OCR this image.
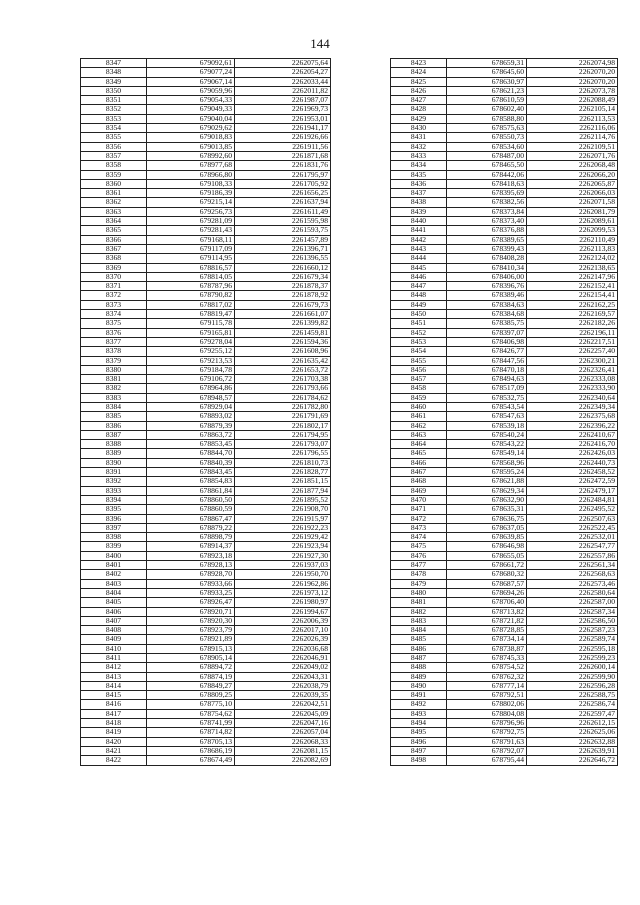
144
8347	679092,61	2262075,64
8348	679077,24	2262054,27
8349	679067,14	2262033,44
8350	679059,96	2262011,82
8351	679054,33	2261987,07
8352	679049,33	2261969,73
8353	679040,04	2261953,01
8354	679029,62	2261941,17
8355	679018,83	2261926,66
8356	679013,85	2261911,56
8357	678992,60	2261871,68
8358	678977,68	2261831,76
8359	678966,80	2261795,97
8360	679108,33	2261705,92
8361	679186,39	2261656,25
8362	679215,14	2261637,94
8363	679256,73	2261611,49
8364	679281,09	2261595,98
8365	679281,43	2261593,75
8366	679168,11	2261457,89
8367	679117,09	2261396,71
8368	679114,95	2261396,55
8369	678816,57	2261660,12
8370	678814,05	2261679,34
8371	678787,96	2261878,37
8372	678790,82	2261878,92
8373	678817,02	2261679,73
8374	678819,47	2261661,07
8375	679115,78	2261399,82
8376	679165,81	2261459,81
8377	679278,04	2261594,36
8378	679255,12	2261608,96
8379	679213,53	2261635,42
8380	679184,78	2261653,72
8381	679106,72	2261703,38
8382	678964,86	2261793,66
8383	678948,57	2261784,62
8384	678929,04	2261782,80
8385	678893,02	2261791,69
8386	678879,39	2261802,17
8387	678863,72	2261794,95
8388	678853,45	2261793,07
8389	678844,70	2261796,55
8390	678840,39	2261810,73
8391	678843,45	2261828,77
8392	678854,83	2261851,15
8393	678861,84	2261877,94
8394	678860,50	2261895,52
8395	678860,59	2261908,70
8396	678867,47	2261915,97
8397	678879,22	2261922,23
8398	678898,79	2261929,42
8399	678914,37	2261923,94
8400	678923,18	2261927,30
8401	678928,13	2261937,03
8402	678928,70	2261950,70
8403	678933,66	2261962,86
8404	678933,25	2261973,12
8405	678926,47	2261980,97
8406	678920,71	2261994,67
8407	678920,30	2262006,39
8408	678923,79	2262017,10
8409	678921,89	2262026,39
8410	678915,13	2262036,68
8411	678905,14	2262046,91
8412	678894,72	2262049,02
8413	678874,19	2262043,31
8414	678849,27	2262038,79
8415	678809,25	2262039,35
8416	678775,10	2262042,51
8417	678754,62	2262045,09
8418	678741,99	2262047,16
8419	678714,82	2262057,04
8420	678705,13	2262068,33
8421	678686,19	2262081,15
8422	678674,49	2262082,69
8423	678659,31	2262074,98
8424	678645,60	2262070,20
8425	678630,97	2262070,20
8426	678621,23	2262073,78
8427	678610,59	2262088,49
8428	678602,40	2262105,14
8429	678588,80	2262113,53
8430	678575,63	2262116,06
8431	678550,73	2262114,76
8432	678534,60	2262109,51
8433	678487,00	2262071,76
8434	678465,50	2262068,48
8435	678442,06	2262066,20
8436	678418,63	2262065,87
8437	678395,69	2262066,03
8438	678382,56	2262071,58
8439	678373,84	2262081,79
8440	678373,40	2262089,61
8441	678376,88	2262099,53
8442	678389,65	2262110,49
8443	678399,43	2262113,83
8444	678408,28	2262124,02
8445	678410,34	2262138,65
8446	678406,00	2262147,96
8447	678396,76	2262152,41
8448	678389,46	2262154,41
8449	678384,63	2262162,25
8450	678384,68	2262169,57
8451	678385,75	2262182,26
8452	678397,07	2262196,11
8453	678406,98	2262217,51
8454	678426,77	2262257,40
8455	678447,56	2262300,21
8456	678470,18	2262326,41
8457	678494,63	2262333,08
8458	678517,09	2262333,90
8459	678532,75	2262340,64
8460	678543,54	2262349,34
8461	678547,63	2262375,68
8462	678539,18	2262396,22
8463	678540,24	2262410,67
8464	678543,22	2262416,70
8465	678549,14	2262426,03
8466	678568,96	2262440,73
8467	678595,24	2262458,52
8468	678621,88	2262472,59
8469	678629,34	2262479,17
8470	678632,90	2262484,81
8471	678635,31	2262495,52
8472	678636,75	2262507,63
8473	678637,05	2262522,45
8474	678639,85	2262532,01
8475	678646,98	2262547,77
8476	678655,05	2262557,86
8477	678661,72	2262561,34
8478	678680,32	2262568,63
8479	678687,57	2262573,46
8480	678694,26	2262580,64
8481	678706,40	2262587,00
8482	678713,82	2262587,34
8483	678721,82	2262586,50
8484	678728,85	2262587,23
8485	678734,14	2262589,74
8486	678738,87	2262595,18
8487	678745,33	2262599,23
8488	678754,52	2262600,14
8489	678762,32	2262599,90
8490	678777,14	2262596,28
8491	678792,51	2262588,75
8492	678802,06	2262586,74
8493	678804,08	2262597,47
8494	678796,96	2262612,15
8495	678792,75	2262625,06
8496	678791,63	2262632,88
8497	678792,07	2262639,91
8498	678795,44	2262646,72
